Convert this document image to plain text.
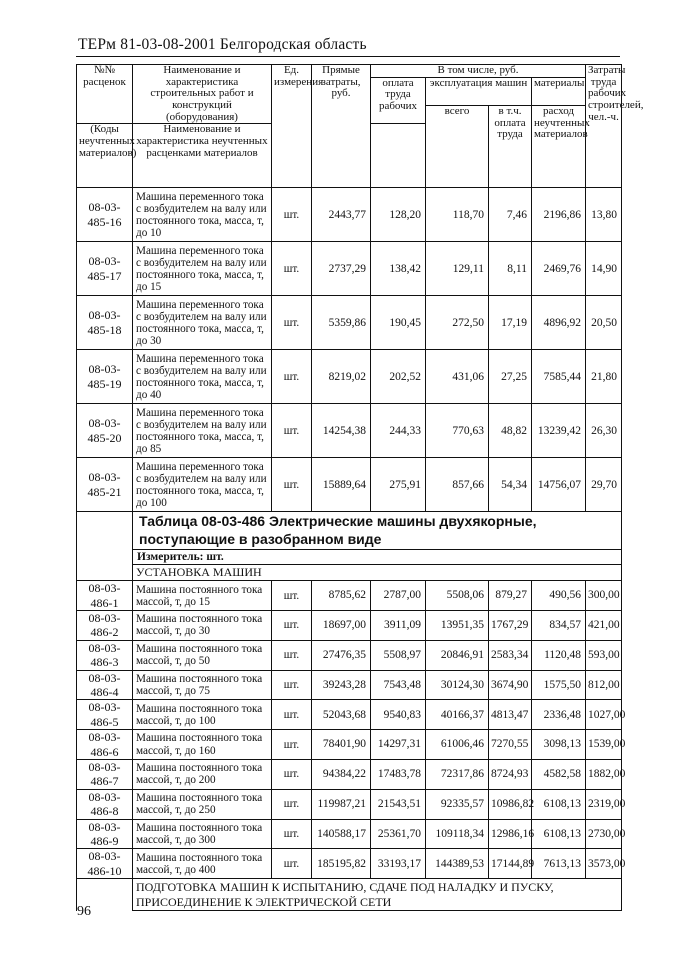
ТЕРм 81-03-08-2001 Белгородская область
№№ расценок	Наименование и характеристика строительных работ и конструкций (оборудования)	Ед. измерения	Прямые затраты, руб.	В том числе, руб.				Затраты труда рабочих строителей, чел.-ч.
				оплата труда рабочих	эксплуатация машин		материалы	
					всего	в т.ч. оплата труда	расход неучтенных материалов	
(Коды неучтенных материалов)	Наименование и характеристика неучтенных расценками материалов							
08-03-485-16	Машина переменного тока с возбудителем на валу или постоянного тока, масса, т, до 10	шт.	2443,77	128,20	118,70	7,46	2196,86	13,80
08-03-485-17	Машина переменного тока с возбудителем на валу или постоянного тока, масса, т, до 15	шт.	2737,29	138,42	129,11	8,11	2469,76	14,90
08-03-485-18	Машина переменного тока с возбудителем на валу или постоянного тока, масса, т, до 30	шт.	5359,86	190,45	272,50	17,19	4896,92	20,50
08-03-485-19	Машина переменного тока с возбудителем на валу или постоянного тока, масса, т, до 40	шт.	8219,02	202,52	431,06	27,25	7585,44	21,80
08-03-485-20	Машина переменного тока с возбудителем на валу или постоянного тока, масса, т, до 85	шт.	14254,38	244,33	770,63	48,82	13239,42	26,30
08-03-485-21	Машина переменного тока с возбудителем на валу или постоянного тока, масса, т, до 100	шт.	15889,64	275,91	857,66	54,34	14756,07	29,70
	Таблица 08-03-486 Электрические машины двухякорные, поступающие в разобранном виде							
	Измеритель: шт.							
	УСТАНОВКА МАШИН							
08-03-486-1	Машина постоянного тока массой, т, до 15	шт.	8785,62	2787,00	5508,06	879,27	490,56	300,00
08-03-486-2	Машина постоянного тока массой, т, до 30	шт.	18697,00	3911,09	13951,35	1767,29	834,57	421,00
08-03-486-3	Машина постоянного тока массой, т, до 50	шт.	27476,35	5508,97	20846,91	2583,34	1120,48	593,00
08-03-486-4	Машина постоянного тока массой, т, до 75	шт.	39243,28	7543,48	30124,30	3674,90	1575,50	812,00
08-03-486-5	Машина постоянного тока массой, т, до 100	шт.	52043,68	9540,83	40166,37	4813,47	2336,48	1027,00
08-03-486-6	Машина постоянного тока массой, т, до 160	шт.	78401,90	14297,31	61006,46	7270,55	3098,13	1539,00
08-03-486-7	Машина постоянного тока массой, т, до 200	шт.	94384,22	17483,78	72317,86	8724,93	4582,58	1882,00
08-03-486-8	Машина постоянного тока массой, т, до 250	шт.	119987,21	21543,51	92335,57	10986,82	6108,13	2319,00
08-03-486-9	Машина постоянного тока массой, т, до 300	шт.	140588,17	25361,70	109118,34	12986,16	6108,13	2730,00
08-03-486-10	Машина постоянного тока массой, т, до 400	шт.	185195,82	33193,17	144389,53	17144,89	7613,13	3573,00
	ПОДГОТОВКА МАШИН К ИСПЫТАНИЮ, СДАЧЕ ПОД НАЛАДКУ И ПУСКУ, ПРИСОЕДИНЕНИЕ К ЭЛЕКТРИЧЕСКОЙ СЕТИ							
96
